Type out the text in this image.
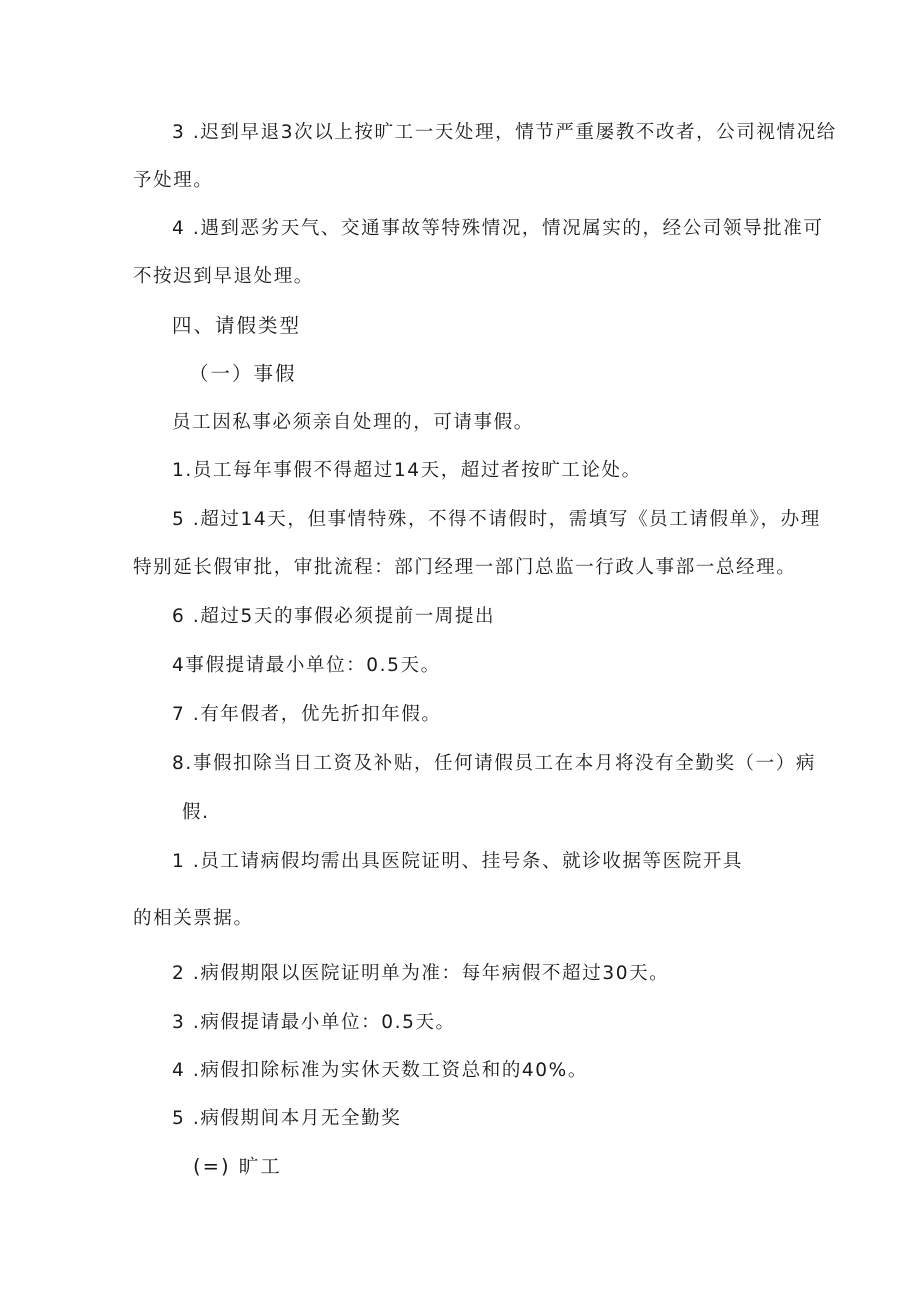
3 .迟到早退3次以上按旷工一天处理，情节严重屡教不改者，公司视情况给

予处理。

4 .遇到恶劣天气、交通事故等特殊情况，情况属实的，经公司领导批准可

不按迟到早退处理。

四、请假类型

（一）事假

员工因私事必须亲自处理的，可请事假。

1.员工每年事假不得超过14天，超过者按旷工论处。

5 .超过14天，但事情特殊，不得不请假时，需填写《员工请假单》，办理

特别延长假审批，审批流程：部门经理一部门总监一行政人事部一总经理。

6 .超过5天的事假必须提前一周提出

4事假提请最小单位：0.5天。

7 .有年假者，优先折扣年假。

8.事假扣除当日工资及补贴，任何请假员工在本月将没有全勤奖（一）病

假.

1 .员工请病假均需出具医院证明、挂号条、就诊收据等医院开具

的相关票据。

2 .病假期限以医院证明单为准：每年病假不超过30天。

3 .病假提请最小单位：0.5天。

4 .病假扣除标准为实休天数工资总和的40%。

5 .病假期间本月无全勤奖

(=) 旷工
